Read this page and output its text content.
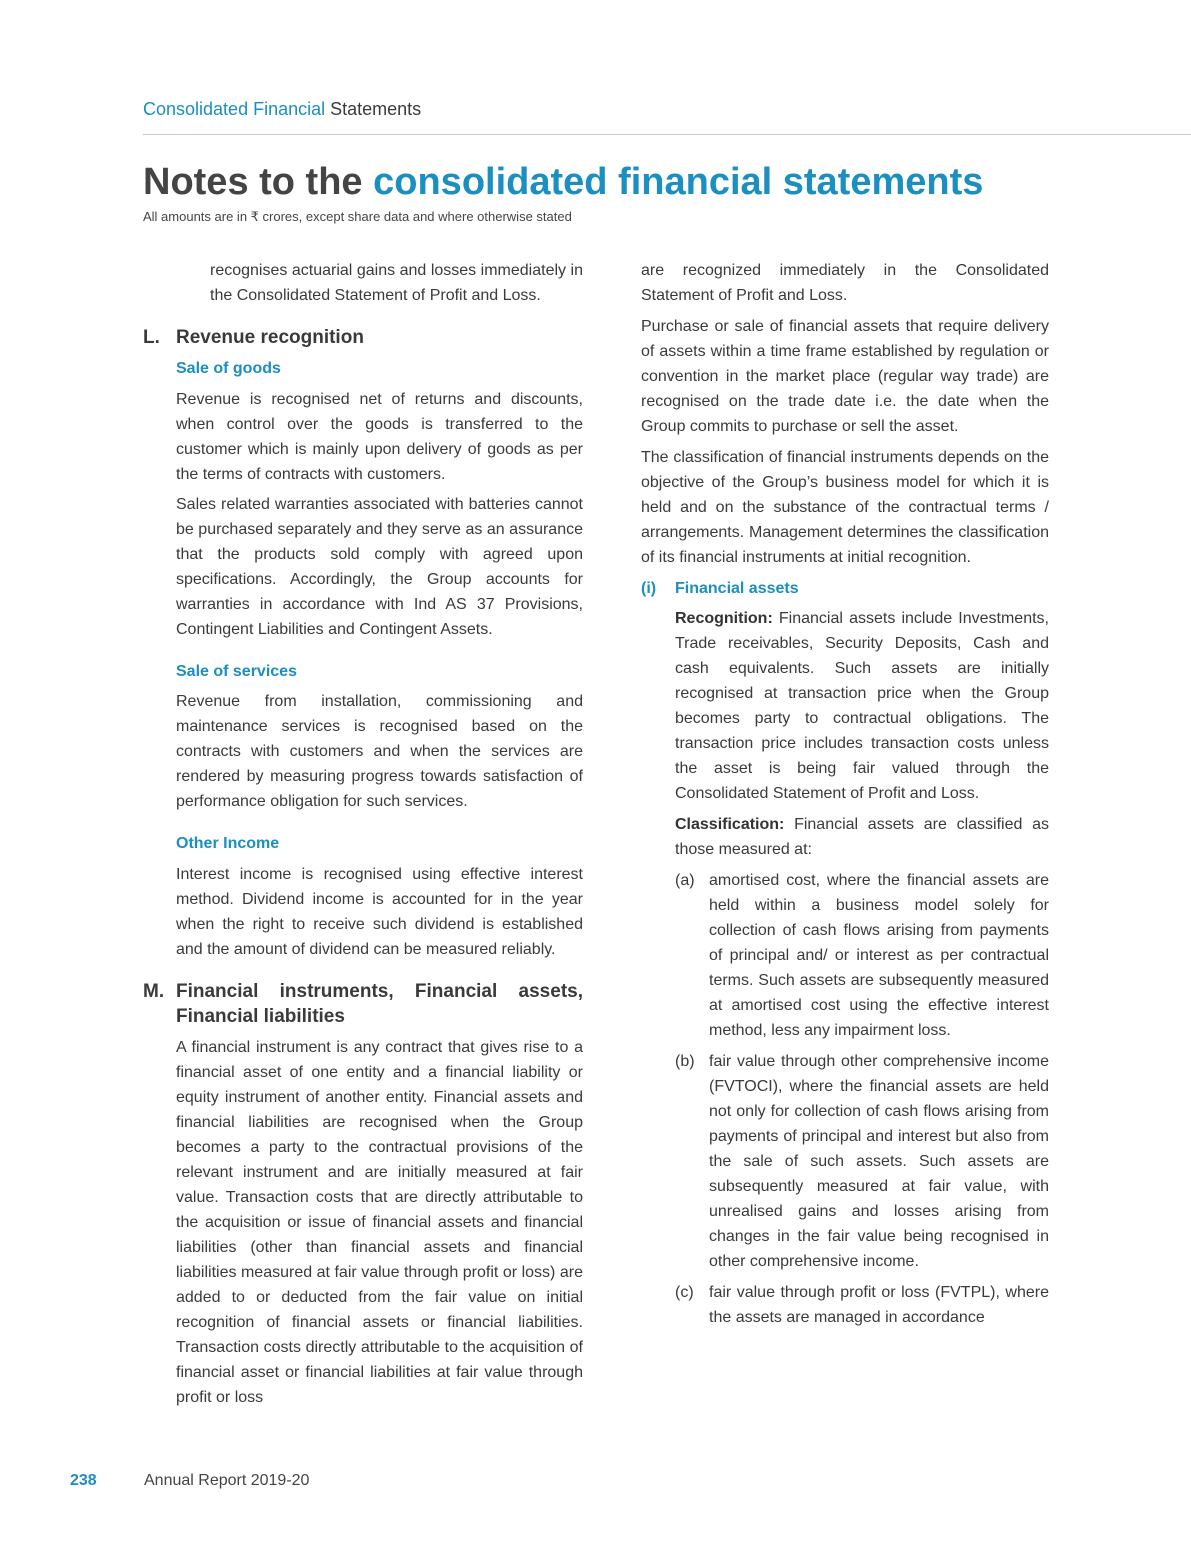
Consolidated Financial Statements
Notes to the consolidated financial statements
All amounts are in ₹ crores, except share data and where otherwise stated

recognises actuarial gains and losses immediately in the Consolidated Statement of Profit and Loss.

L. Revenue recognition
Sale of goods

Revenue is recognised net of returns and discounts, when control over the goods is transferred to the customer which is mainly upon delivery of goods as per the terms of contracts with customers.

Sales related warranties associated with batteries cannot be purchased separately and they serve as an assurance that the products sold comply with agreed upon specifications. Accordingly, the Group accounts for warranties in accordance with Ind AS 37 Provisions, Contingent Liabilities and Contingent Assets.

Sale of services

Revenue from installation, commissioning and maintenance services is recognised based on the contracts with customers and when the services are rendered by measuring progress towards satisfaction of performance obligation for such services.

Other Income

Interest income is recognised using effective interest method. Dividend income is accounted for in the year when the right to receive such dividend is established and the amount of dividend can be measured reliably.

M. Financial instruments, Financial assets, Financial liabilities

A financial instrument is any contract that gives rise to a financial asset of one entity and a financial liability or equity instrument of another entity. Financial assets and financial liabilities are recognised when the Group becomes a party to the contractual provisions of the relevant instrument and are initially measured at fair value. Transaction costs that are directly attributable to the acquisition or issue of financial assets and financial liabilities (other than financial assets and financial liabilities measured at fair value through profit or loss) are added to or deducted from the fair value on initial recognition of financial assets or financial liabilities. Transaction costs directly attributable to the acquisition of financial asset or financial liabilities at fair value through profit or loss

are recognized immediately in the Consolidated Statement of Profit and Loss.

Purchase or sale of financial assets that require delivery of assets within a time frame established by regulation or convention in the market place (regular way trade) are recognised on the trade date i.e. the date when the Group commits to purchase or sell the asset.

The classification of financial instruments depends on the objective of the Group’s business model for which it is held and on the substance of the contractual terms / arrangements. Management determines the classification of its financial instruments at initial recognition.

(i)	Financial assets

Recognition: Financial assets include Investments, Trade receivables, Security Deposits, Cash and cash equivalents. Such assets are initially recognised at transaction price when the Group becomes party to contractual obligations. The transaction price includes transaction costs unless the asset is being fair valued through the Consolidated Statement of Profit and Loss.

Classification: Financial assets are classified as those measured at:

(a) amortised cost, where the financial assets are held within a business model solely for collection of cash flows arising from payments of principal and/ or interest as per contractual terms. Such assets are subsequently measured at amortised cost using the effective interest method, less any impairment loss.
(b) fair value through other comprehensive income (FVTOCI), where the financial assets are held not only for collection of cash flows arising from payments of principal and interest but also from the sale of such assets. Such assets are subsequently measured at fair value, with unrealised gains and losses arising from changes in the fair value being recognised in other comprehensive income.
(c) fair value through profit or loss (FVTPL), where the assets are managed in accordance
238	Annual Report 2019-20
